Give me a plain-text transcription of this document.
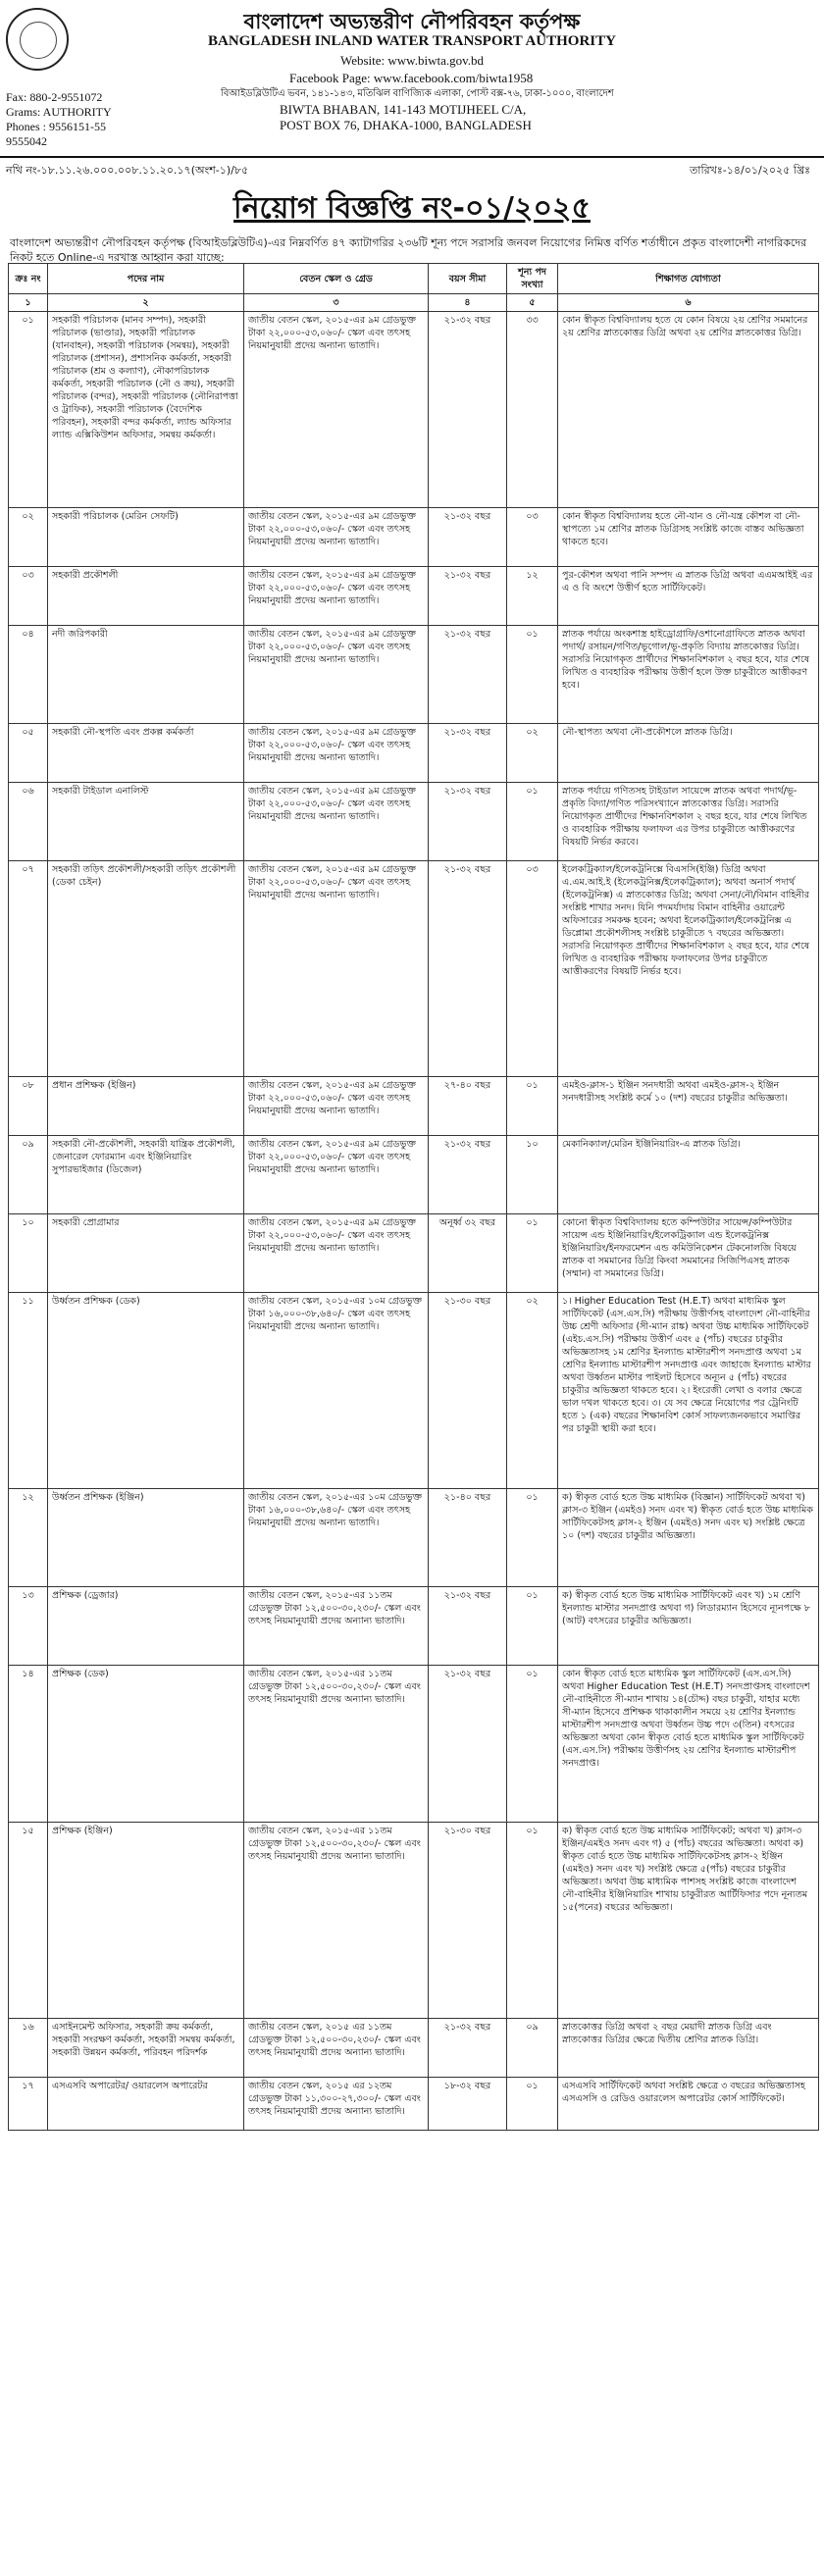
বাংলাদেশ অভ্যন্তরীণ নৌপরিবহন কর্তৃপক্ষ
BANGLADESH INLAND WATER TRANSPORT AUTHORITY
Website: www.biwta.gov.bd
Fax: 880-2-9551072
Grams: AUTHORITY
Phones : 9556151-55
9555042
Facebook Page: www.facebook.com/biwta1958
বিআইডব্লিউটিএ ভবন, ১৪১-১৪৩, মতিঝিল বাণিজ্যিক এলাকা, পোস্ট বক্স-৭৬, ঢাকা-১০০০, বাংলাদেশ
BIWTA BHABAN, 141-143 MOTIJHEEL C/A,
POST BOX 76, DHAKA-1000, BANGLADESH
নথি নং-১৮.১১.২৬.০০০.০০৮.১১.২০.১৭(অংশ-১)/৮৫	তারিখঃ-১৪/০১/২০২৫ খ্রিঃ
নিয়োগ বিজ্ঞপ্তি নং-০১/২০২৫
বাংলাদেশ অভ্যন্তরীণ নৌপরিবহন কর্তৃপক্ষ (বিআইডব্লিউটিএ)-এর নিম্নবর্ণিত ৪৭ ক্যাটাগরির ২৩৬টি শূন্য পদে সরাসরি জনবল নিয়োগের নিমিত্ত বর্ণিত শর্তাধীনে প্রকৃত বাংলাদেশী নাগরিকদের নিকট হতে Online-এ দরখাস্ত আহ্বান করা যাচ্ছে:
ক্রঃ নং	পদের নাম	বেতন স্কেল ও গ্রেড	বয়স সীমা	শূন্য পদ সংখ্যা	শিক্ষাগত যোগ্যতা
১	২	৩	৪	৫	৬
০১	সহকারী পরিচালক (মানব সম্পদ), সহকারী পরিচালক (ভাণ্ডার), সহকারী পরিচালক (যানবাহন), সহকারী পরিচালক (সমন্বয়), সহকারী পরিচালক (প্রশাসন), প্রশাসনিক কর্মকর্তা, সহকারী পরিচালক (শ্রম ও কল্যাণ), নৌকাপরিচালক কর্মকর্তা, সহকারী পরিচালক (নৌ ও ক্রয়), সহকারী পরিচালক (বন্দর), সহকারী পরিচালক (নৌনিরাপত্তা ও ট্রাফিক), সহকারী পরিচালক (বৈদেশিক পরিবহন), সহকারী বন্দর কর্মকর্তা, ল্যান্ড অফিসার ল্যান্ড এক্সিকিউশন অফিসার, সমন্বয় কর্মকর্তা।	জাতীয় বেতন স্কেল, ২০১৫-এর ৯ম গ্রেডভুক্ত টাকা ২২,০০০-৫৩,০৬০/- স্কেল এবং তৎসহ নিয়মানুযায়ী প্রদেয় অন্যান্য ভাতাদি।	২১-৩২ বছর	৩৩	কোন স্বীকৃত বিশ্ববিদ্যালয় হতে যে কোন বিষয়ে ২য় শ্রেণির সমমানের ২য় শ্রেণির স্নাতকোত্তর ডিগ্রি অথবা ২য় শ্রেণির স্নাতকোত্তর ডিগ্রি।
০২	সহকারী পরিচালক (মেরিন সেফটি)	জাতীয় বেতন স্কেল, ২০১৫-এর ৯ম গ্রেডভুক্ত টাকা ২২,০০০-৫৩,০৬০/- স্কেল এবং তৎসহ নিয়মানুযায়ী প্রদেয় অন্যান্য ভাতাদি।	২১-৩২ বছর	০৩	কোন স্বীকৃত বিশ্ববিদ্যালয় হতে নৌ-যান ও নৌ-যন্ত্র কৌশল বা নৌ-স্থাপত্যে ১ম শ্রেণির স্নাতক ডিগ্রিসহ সংশ্লিষ্ট কাজে বাস্তব অভিজ্ঞতা থাকতে হবে।
০৩	সহকারী প্রকৌশলী	জাতীয় বেতন স্কেল, ২০১৫-এর ৯ম গ্রেডভুক্ত টাকা ২২,০০০-৫৩,০৬০/- স্কেল এবং তৎসহ নিয়মানুযায়ী প্রদেয় অন্যান্য ভাতাদি।	২১-৩২ বছর	১২	পুর-কৌশল অথবা পানি সম্পদ এ স্নাতক ডিগ্রি অথবা এএমআইই এর এ ও বি অংশে উত্তীর্ণ হতে সার্টিফিকেট।
০৪	নদী জরিপকারী	জাতীয় বেতন স্কেল, ২০১৫-এর ৯ম গ্রেডভুক্ত টাকা ২২,০০০-৫৩,০৬০/- স্কেল এবং তৎসহ নিয়মানুযায়ী প্রদেয় অন্যান্য ভাতাদি।	২১-৩২ বছর	০১	স্নাতক পর্যায়ে অংকশাস্ত্র হাইড্রোগ্রাফি/ওশানোগ্রাফিতে স্নাতক অথবা পদার্থ/ রসায়ন/গণিত/ভূগোল/ভূ-প্রকৃতি বিদ্যায় স্নাতকোত্তর ডিগ্রি। সরাসরি নিয়োগকৃত প্রার্থীদের শিক্ষানবিশকাল ২ বছর হবে, যার শেষে লিখিত ও ব্যবহারিক পরীক্ষায় উত্তীর্ণ হলে উক্ত চাকুরীতে আত্তীকরণ হবে।
০৫	সহকারী নৌ-স্থপতি এবং প্রকল্প কর্মকর্তা	জাতীয় বেতন স্কেল, ২০১৫-এর ৯ম গ্রেডভুক্ত টাকা ২২,০০০-৫৩,০৬০/- স্কেল এবং তৎসহ নিয়মানুযায়ী প্রদেয় অন্যান্য ভাতাদি।	২১-৩২ বছর	০২	নৌ-স্থাপত্য অথবা নৌ-প্রকৌশলে স্নাতক ডিগ্রি।
০৬	সহকারী টাইডাল এনালিস্ট	জাতীয় বেতন স্কেল, ২০১৫-এর ৯ম গ্রেডভুক্ত টাকা ২২,০০০-৫৩,০৬০/- স্কেল এবং তৎসহ নিয়মানুযায়ী প্রদেয় অন্যান্য ভাতাদি।	২১-৩২ বছর	০১	স্নাতক পর্যায়ে গণিতসহ টাইডাল সায়েন্সে স্নাতক অথবা পদার্থ/ভূ-প্রকৃতি বিদ্যা/গণিত পরিসংখ্যানে স্নাতকোত্তর ডিগ্রি। সরাসরি নিয়োগকৃত প্রার্থীদের শিক্ষানবিশকাল ২ বছর হবে, যার শেষে লিখিত ও ব্যবহারিক পরীক্ষায় ফলাফল এর উপর চাকুরীতে আত্তীকরণের বিষয়টি নির্ভর করবে।
০৭	সহকারী তড়িৎ প্রকৌশলী/সহকারী তড়িৎ প্রকৌশলী (ডেকা চেইন)	জাতীয় বেতন স্কেল, ২০১৫-এর ৯ম গ্রেডভুক্ত টাকা ২২,০০০-৫৩,০৬০/- স্কেল এবং তৎসহ নিয়মানুযায়ী প্রদেয় অন্যান্য ভাতাদি।	২১-৩২ বছর	০৩	ইলেকট্রিক্যাল/ইলেকট্রনিক্সে বিএসসি(ইঞ্জি) ডিগ্রি অথবা এ.এম.আই.ই (ইলেকট্রনিক্স/ইলেকট্রিক্যাল); অথবা অনার্স পদার্থ (ইলেকট্রনিক্স) এ স্নাতকোত্তর ডিগ্রি; অথবা সেনা/নৌ/বিমান বাহিনীর সংশ্লিষ্ট শাখার সনদ। যিনি পদমর্যাদায় বিমান বাহিনীর ওয়ারেন্ট অফিসারের সমকক্ষ হবেন; অথবা ইলেকট্রিক্যাল/ইলেকট্রনিক্স এ ডিপ্লোমা প্রকৌশলীসহ সংশ্লিষ্ট চাকুরীতে ৭ বছরের অভিজ্ঞতা। সরাসরি নিয়োগকৃত প্রার্থীদের শিক্ষানবিশকাল ২ বছর হবে, যার শেষে লিখিত ও ব্যবহারিক পরীক্ষায় ফলাফলের উপর চাকুরীতে আত্তীকরণের বিষয়টি নির্ভর হবে।
০৮	প্রধান প্রশিক্ষক (ইঞ্জিন)	জাতীয় বেতন স্কেল, ২০১৫-এর ৯ম গ্রেডভুক্ত টাকা ২২,০০০-৫৩,০৬০/- স্কেল এবং তৎসহ নিয়মানুযায়ী প্রদেয় অন্যান্য ভাতাদি।	২৭-৪০ বছর	০১	এমইও-ক্লাস-১ ইঞ্জিন সনদধারী অথবা এমইও-ক্লাস-২ ইঞ্জিন সনদধারীসহ সংশ্লিষ্ট কর্মে ১০ (দশ) বছরের চাকুরীর অভিজ্ঞতা।
০৯	সহকারী নৌ-প্রকৌশলী, সহকারী যান্ত্রিক প্রকৌশলী, জেনারেল ফোরম্যান এবং ইঞ্জিনিয়ারিং সুপারভাইজার (ডিজেল)	জাতীয় বেতন স্কেল, ২০১৫-এর ৯ম গ্রেডভুক্ত টাকা ২২,০০০-৫৩,০৬০/- স্কেল এবং তৎসহ নিয়মানুযায়ী প্রদেয় অন্যান্য ভাতাদি।	২১-৩২ বছর	১০	মেকানিক্যাল/মেরিন ইঞ্জিনিয়ারিং-এ স্নাতক ডিগ্রি।
১০	সহকারী প্রোগ্রামার	জাতীয় বেতন স্কেল, ২০১৫-এর ৯ম গ্রেডভুক্ত টাকা ২২,০০০-৫৩,০৬০/- স্কেল এবং তৎসহ নিয়মানুযায়ী প্রদেয় অন্যান্য ভাতাদি।	অনূর্ধ্ব ৩২ বছর	০১	কোনো স্বীকৃত বিশ্ববিদ্যালয় হতে কম্পিউটার সায়েন্স/কম্পিউটার সায়েন্স এন্ড ইঞ্জিনিয়ারিং/ইলেকট্রিক্যাল এন্ড ইলেকট্রনিক্স ইঞ্জিনিয়ারিং/ইনফরমেশন এন্ড কমিউনিকেশন টেকনোলজি বিষয়ে স্নাতক বা সমমানের ডিগ্রি কিংবা সমমানের সিজিপিএসহ স্নাতক (সম্মান) বা সমমানের ডিগ্রি।
১১	উর্ধ্বতন প্রশিক্ষক (ডেক)	জাতীয় বেতন স্কেল, ২০১৫-এর ১০ম গ্রেডভুক্ত টাকা ১৬,০০০-৩৮,৬৪০/- স্কেল এবং তৎসহ নিয়মানুযায়ী প্রদেয় অন্যান্য ভাতাদি।	২১-৩০ বছর	০২	১। Higher Education Test (H.E.T) অথবা মাধ্যমিক স্কুল সার্টিফিকেট (এস.এস.সি) পরীক্ষায় উত্তীর্ণসহ বাংলাদেশ নৌ-বাহিনীর উচ্চ শ্রেণী অফিসার (সী-ম্যান রাঙ্ক) অথবা উচ্চ মাধ্যমিক সার্টিফিকেট (এইচ.এস.সি) পরীক্ষায় উত্তীর্ণ এবং ৫ (পাঁচ) বছরের চাকুরীর অভিজ্ঞতাসহ ১ম শ্রেণির ইনল্যান্ড মাস্টারশীপ সনদপ্রাপ্ত অথবা ১ম শ্রেণির ইনল্যান্ড মাস্টারশীপ সনদপ্রাপ্ত এবং জাহাজে ইনল্যান্ড মাস্টার অথবা উর্ধ্বতন মাস্টার পাইলট হিসেবে অন্যূন ৫ (পাঁচ) বছরের চাকুরীর অভিজ্ঞতা থাকতে হবে। ২। ইংরেজী লেখা ও বলার ক্ষেত্রে ভাল দখল থাকতে হবে। ৩। যে সব ক্ষেত্রে নিয়োগের পর ট্রেনিংটি হতে ১ (এক) বছরের শিক্ষানবিশ কোর্স সাফল্যজনকভাবে সমাপ্তির পর চাকুরী স্থায়ী করা হবে।
১২	উর্ধ্বতন প্রশিক্ষক (ইঞ্জিন)	জাতীয় বেতন স্কেল, ২০১৫-এর ১০ম গ্রেডভুক্ত টাকা ১৬,০০০-৩৮,৬৪০/- স্কেল এবং তৎসহ নিয়মানুযায়ী প্রদেয় অন্যান্য ভাতাদি।	২১-৪০ বছর	০১	ক) স্বীকৃত বোর্ড হতে উচ্চ মাধ্যমিক (বিজ্ঞান) সার্টিফিকেট অথবা খ) ক্লাস-৩ ইঞ্জিন (এমইও) সনদ এবং খ) স্বীকৃত বোর্ড হতে উচ্চ মাধ্যমিক সার্টিফিকেটসহ ক্লাস-২ ইঞ্জিন (এমইও) সনদ এবং ঘ) সংশ্লিষ্ট ক্ষেত্রে ১০ (দশ) বছরের চাকুরীর অভিজ্ঞতা।
১৩	প্রশিক্ষক (ড্রেজার)	জাতীয় বেতন স্কেল, ২০১৫-এর ১১তম গ্রেডভুক্ত টাকা ১২,৫০০-৩০,২৩০/- স্কেল এবং তৎসহ নিয়মানুযায়ী প্রদেয় অন্যান্য ভাতাদি।	২১-৩২ বছর	০১	ক) স্বীকৃত বোর্ড হতে উচ্চ মাধ্যমিক সার্টিফিকেট এবং খ) ১ম শ্রেণি ইনল্যান্ড মাস্টার সনদপ্রাপ্ত অথবা গ) লিডারম্যান হিসেবে ন্যূনপক্ষে ৮ (আট) বৎসরের চাকুরীর অভিজ্ঞতা।
১৪	প্রশিক্ষক (ডেক)	জাতীয় বেতন স্কেল, ২০১৫-এর ১১তম গ্রেডভুক্ত টাকা ১২,৫০০-৩০,২৩০/- স্কেল এবং তৎসহ নিয়মানুযায়ী প্রদেয় অন্যান্য ভাতাদি।	২১-৩২ বছর	০১	কোন স্বীকৃত বোর্ড হতে মাধ্যমিক স্কুল সার্টিফিকেট (এস.এস.সি) অথবা Higher Education Test (H.E.T) সনদপ্রাপ্তসহ বাংলাদেশ নৌ-বাহিনীতে সী-ম্যান শাখায় ১৪(চৌদ্দ) বছর চাকুরী, যাহার মধ্যে সী-ম্যান হিসেবে প্রশিক্ষক থাকাকালীন সময়ে ২য় শ্রেণির ইনল্যান্ড মাস্টারশীপ সনদপ্রাপ্ত অথবা উর্ধ্বতন উচ্চ পদে ৩(তিন) বৎসরের অভিজ্ঞতা অথবা কোন স্বীকৃত বোর্ড হতে মাধ্যমিক স্কুল সার্টিফিকেট (এস.এস.সি) পরীক্ষায় উত্তীর্ণসহ ২য় শ্রেণির ইনল্যান্ড মাস্টারশীপ সনদপ্রাপ্ত।
১৫	প্রশিক্ষক (ইঞ্জিন)	জাতীয় বেতন স্কেল, ২০১৫-এর ১১তম গ্রেডভুক্ত টাকা ১২,৫০০-৩০,২৩০/- স্কেল এবং তৎসহ নিয়মানুযায়ী প্রদেয় অন্যান্য ভাতাদি।	২১-৩০ বছর	০১	ক) স্বীকৃত বোর্ড হতে উচ্চ মাধ্যমিক সার্টিফিকেট; অথবা খ) ক্লাস-৩ ইঞ্জিন/এমইও সনদ এবং গ) ৫ (পাঁচ) বছরের অভিজ্ঞতা। অথবা ক) স্বীকৃত বোর্ড হতে উচ্চ মাধ্যমিক সার্টিফিকেটসহ ক্লাস-২ ইঞ্জিন (এমইও) সনদ এবং খ) সংশ্লিষ্ট ক্ষেত্রে ৫(পাঁচ) বছরের চাকুরীর অভিজ্ঞতা। অথবা উচ্চ মাধ্যমিক পাশসহ সংশ্লিষ্ট কাজে বাংলাদেশ নৌ-বাহিনীর ইঞ্জিনিয়ারিং শাখায় চাকুরীরত আর্টিফিসার পদে নূন্যতম ১৫(পনের) বছরের অভিজ্ঞতা।
১৬	এসাইনমেন্ট অফিসার, সহকারী ক্রয় কর্মকর্তা, সহকারী সংরক্ষণ কর্মকর্তা, সহকারী সমন্বয় কর্মকর্তা, সহকারী উন্নয়ন কর্মকর্তা, পরিবহন পরিদর্শক	জাতীয় বেতন স্কেল, ২০১৫ এর ১১তম গ্রেডভুক্ত টাকা ১২,৫০০-৩০,২৩০/- স্কেল এবং তৎসহ নিয়মানুযায়ী প্রদেয় অন্যান্য ভাতাদি।	২১-৩২ বছর	০৯	স্নাতকোত্তর ডিগ্রি অথবা ২ বছর মেয়াদী স্নাতক ডিগ্রি এবং স্নাতকোত্তর ডিগ্রির ক্ষেত্রে দ্বিতীয় শ্রেণির স্নাতক ডিগ্রি।
১৭	এসএসবি অপারেটর/ ওয়ারলেস অপারেটর	জাতীয় বেতন স্কেল, ২০১৫ এর ১২তম গ্রেডভুক্ত টাকা ১১,৩০০-২৭,৩০০/- স্কেল এবং তৎসহ নিয়মানুযায়ী প্রদেয় অন্যান্য ভাতাদি।	১৮-৩২ বছর	০১	এসএসবি সার্টিফিকেট অথবা সংশ্লিষ্ট ক্ষেত্রে ৩ বছরের অভিজ্ঞতাসহ এসএসসি ও রেডিও ওয়ারলেস অপারেটর কোর্স সার্টিফিকেট।
